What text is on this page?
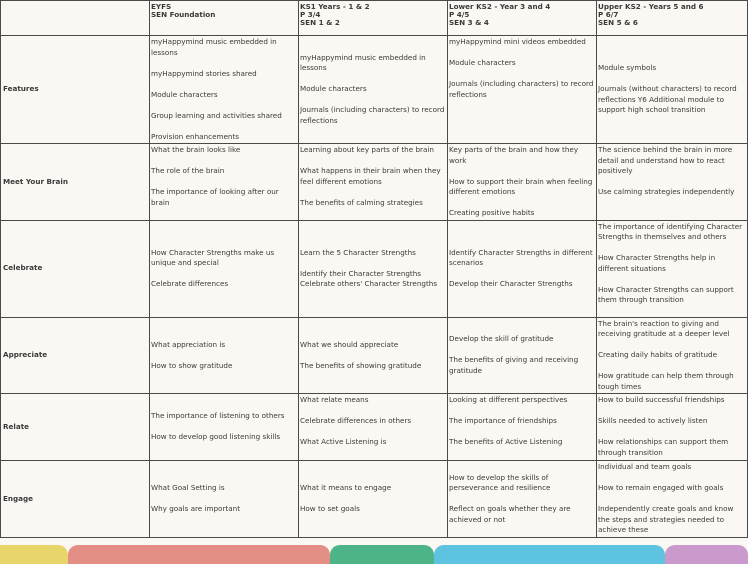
	EYFS
SEN Foundation	KS1 Years - 1 & 2
P 3/4
SEN 1 & 2	Lower KS2 - Year 3 and 4
P 4/5
SEN 3 & 4	Upper KS2 - Years 5 and 6
P 6/7
SEN 5 & 6

Features	myHappymind music embedded in lessons
myHappymind stories shared
Module characters
Group learning and activities shared
Provision enhancements	myHappymind music embedded in lessons
Module characters
Journals (including characters) to record reflections	myHappymind mini videos embedded
Module characters
Journals (including characters) to record reflections	Module symbols
Journals (without characters) to record reflections Y6 Additional module to support high school transition

Meet Your Brain	What the brain looks like
The role of the brain
The importance of looking after our brain	Learning about key parts of the brain
What happens in their brain when they feel different emotions
The benefits of calming strategies	Key parts of the brain and how they work
How to support their brain when feeling different emotions
Creating positive habits	The science behind the brain in more detail and understand how to react positively
Use calming strategies independently

Celebrate	How Character Strengths make us unique and special
Celebrate differences	Learn the 5 Character Strengths
Identify their Character Strengths Celebrate others' Character Strengths	Identify Character Strengths in different scenarios
Develop their Character Strengths	The importance of identifying Character Strengths in themselves and others
How Character Strengths help in different situations
How Character Strengths can support them through transition

Appreciate	What appreciation is
How to show gratitude	What we should appreciate
The benefits of showing gratitude	Develop the skill of gratitude
The benefits of giving and receiving gratitude	The brain's reaction to giving and receiving gratitude at a deeper level
Creating daily habits of gratitude
How gratitude can help them through tough times

Relate	The importance of listening to others
How to develop good listening skills	What relate means
Celebrate differences in others
What Active Listening is	Looking at different perspectives
The importance of friendships
The benefits of Active Listening	How to build successful friendships
Skills needed to actively listen
How relationships can support them through transition

Engage	What Goal Setting is
Why goals are important	What it means to engage
How to set goals	How to develop the skills of perseverance and resilience
Reflect on goals whether they are achieved or not	Individual and team goals
How to remain engaged with goals
Independently create goals and know the steps and strategies needed to achieve these
